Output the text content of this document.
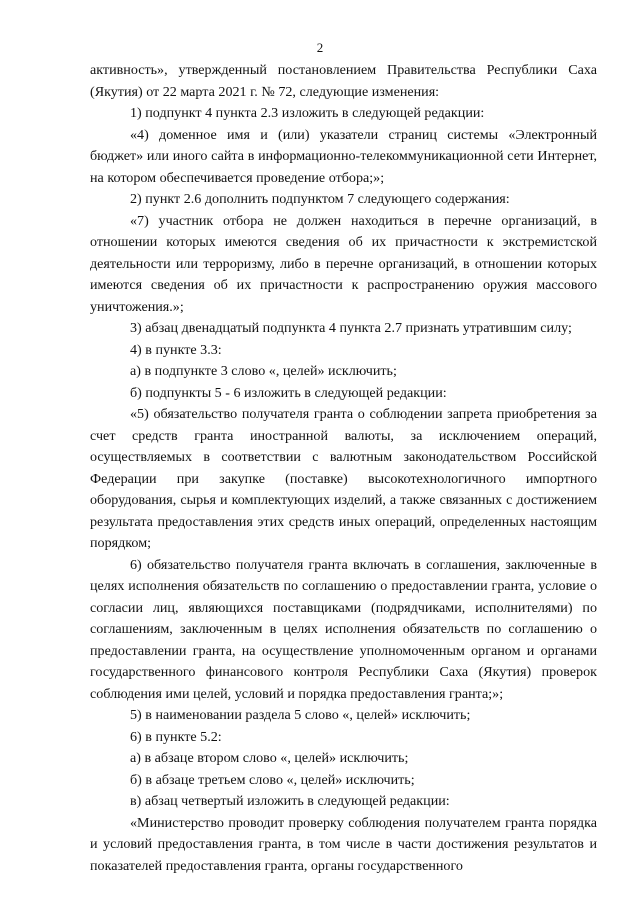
2

активность», утвержденный постановлением Правительства Республики Саха (Якутия) от 22 марта 2021 г. № 72, следующие изменения:

1) подпункт 4 пункта 2.3 изложить в следующей редакции:

«4) доменное имя и (или) указатели страниц системы «Электронный бюджет» или иного сайта в информационно-телекоммуникационной сети Интернет, на котором обеспечивается проведение отбора;»;

2) пункт 2.6 дополнить подпунктом 7 следующего содержания:

«7) участник отбора не должен находиться в перечне организаций, в отношении которых имеются сведения об их причастности к экстремистской деятельности или терроризму, либо в перечне организаций, в отношении которых имеются сведения об их причастности к распространению оружия массового уничтожения.»;

3) абзац двенадцатый подпункта 4 пункта 2.7 признать утратившим силу;

4) в пункте 3.3:

а) в подпункте 3 слово «, целей» исключить;

б) подпункты 5 - 6 изложить в следующей редакции:

«5) обязательство получателя гранта о соблюдении запрета приобретения за счет средств гранта иностранной валюты, за исключением операций, осуществляемых в соответствии с валютным законодательством Российской Федерации при закупке (поставке) высокотехнологичного импортного оборудования, сырья и комплектующих изделий, а также связанных с достижением результата предоставления этих средств иных операций, определенных настоящим порядком;

6) обязательство получателя гранта включать в соглашения, заключенные в целях исполнения обязательств по соглашению о предоставлении гранта, условие о согласии лиц, являющихся поставщиками (подрядчиками, исполнителями) по соглашениям, заключенным в целях исполнения обязательств по соглашению о предоставлении гранта, на осуществление уполномоченным органом и органами государственного финансового контроля Республики Саха (Якутия) проверок соблюдения ими целей, условий и порядка предоставления гранта;»;

5) в наименовании раздела 5 слово «, целей» исключить;

6) в пункте 5.2:

а) в абзаце втором слово «, целей» исключить;

б) в абзаце третьем слово «, целей» исключить;

в) абзац четвертый изложить в следующей редакции:

«Министерство проводит проверку соблюдения получателем гранта порядка и условий предоставления гранта, в том числе в части достижения результатов и показателей предоставления гранта, органы государственного
